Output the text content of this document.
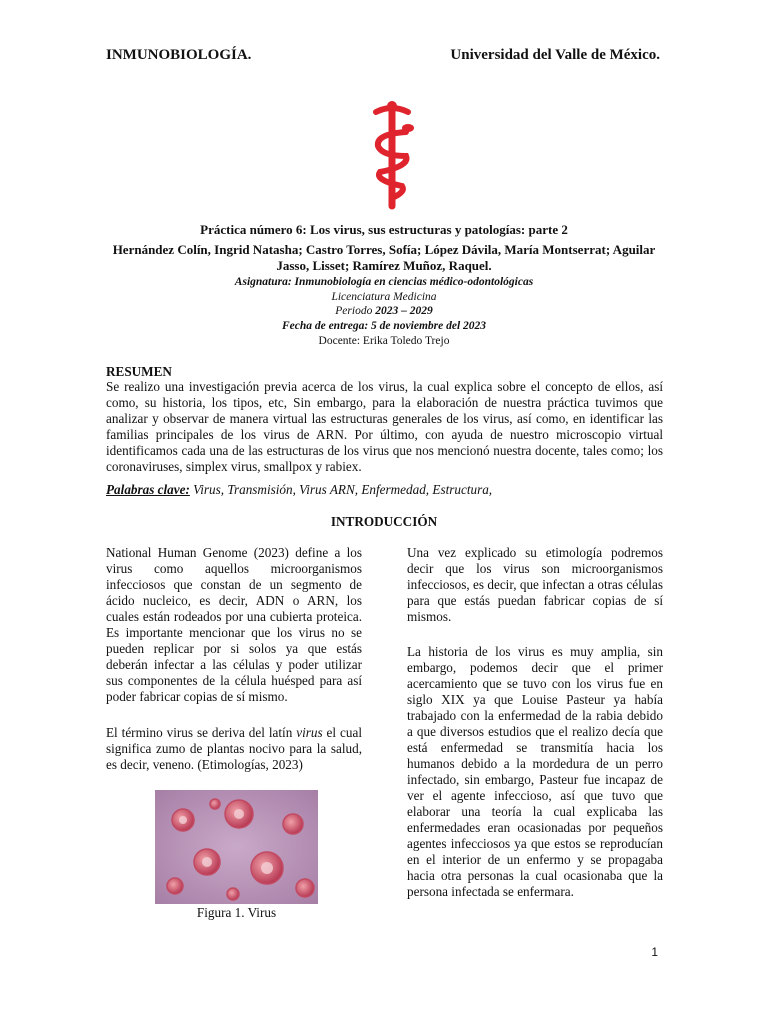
INMUNOBIOLOGÍA.	Universidad del Valle de México.
Práctica número 6: Los virus, sus estructuras y patologías: parte 2
Hernández Colín, Ingrid Natasha; Castro Torres, Sofía; López Dávila, María Montserrat; Aguilar Jasso, Lisset; Ramírez Muñoz, Raquel.
Asignatura: Inmunobiología en ciencias médico-odontológicas
Licenciatura Medicina
Periodo 2023 – 2029
Fecha de entrega: 5 de noviembre del 2023
Docente: Erika Toledo Trejo
RESUMEN
Se realizo una investigación previa acerca de los virus, la cual explica sobre el concepto de ellos, así como, su historia, los tipos, etc, Sin embargo, para la elaboración de nuestra práctica tuvimos que analizar y observar de manera virtual las estructuras generales de los virus, así como, en identificar las familias principales de los virus de ARN. Por último, con ayuda de nuestro microscopio virtual identificamos cada una de las estructuras de los virus que nos mencionó nuestra docente, tales como; los coronaviruses, simplex virus, smallpox y rabiex.
Palabras clave: Virus, Transmisión, Virus ARN, Enfermedad, Estructura,
INTRODUCCIÓN
National Human Genome (2023) define a los virus como aquellos microorganismos infecciosos que constan de un segmento de ácido nucleico, es decir, ADN o ARN, los cuales están rodeados por una cubierta proteica. Es importante mencionar que los virus no se pueden replicar por si solos ya que estás deberán infectar a las células y poder utilizar sus componentes de la célula huésped para así poder fabricar copias de sí mismo.
El término virus se deriva del latín virus el cual significa zumo de plantas nocivo para la salud, es decir, veneno. (Etimologías, 2023)
Figura 1. Virus
Una vez explicado su etimología podremos decir que los virus son microorganismos infecciosos, es decir, que infectan a otras células para que estás puedan fabricar copias de sí mismos.
La historia de los virus es muy amplia, sin embargo, podemos decir que el primer acercamiento que se tuvo con los virus fue en siglo XIX ya que Louise Pasteur ya había trabajado con la enfermedad de la rabia debido a que diversos estudios que el realizo decía que está enfermedad se transmitía hacia los humanos debido a la mordedura de un perro infectado, sin embargo, Pasteur fue incapaz de ver el agente infeccioso, así que tuvo que elaborar una teoría la cual explicaba las enfermedades eran ocasionadas por pequeños agentes infecciosos ya que estos se reproducían en el interior de un enfermo y se propagaba hacia otra personas la cual ocasionaba que la persona infectada se enfermara.
1
